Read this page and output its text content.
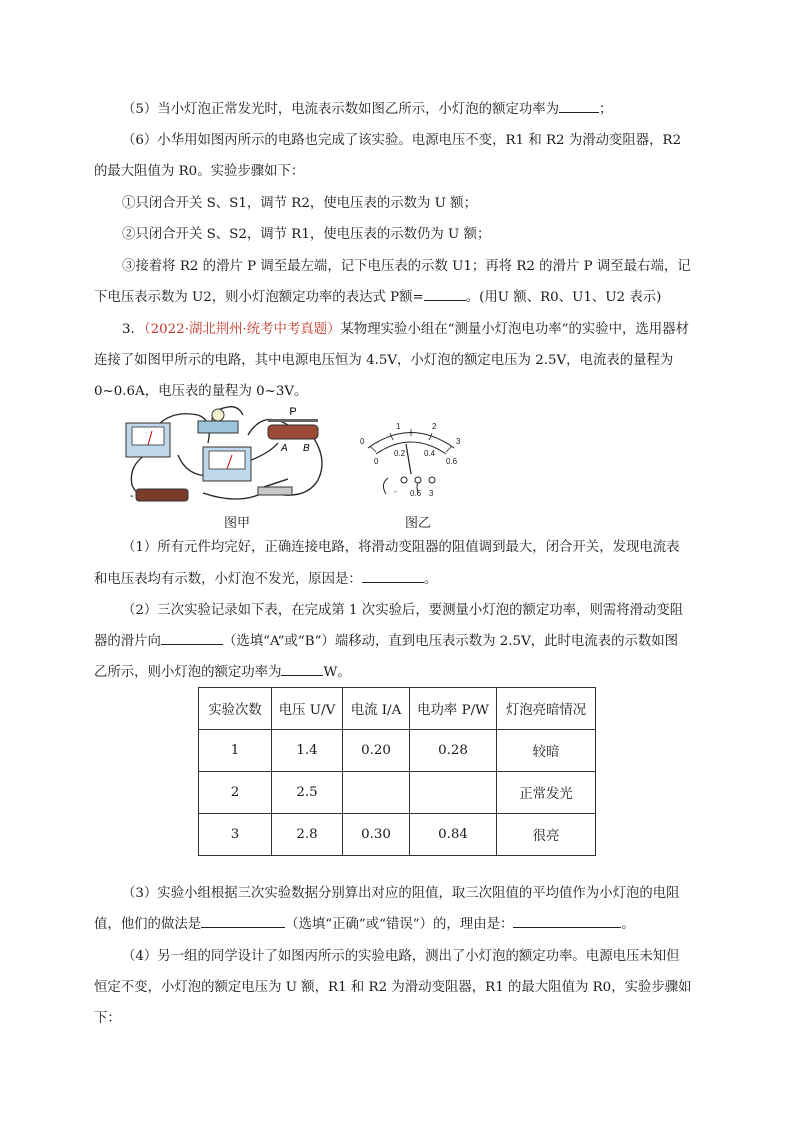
（5）当小灯泡正常发光时，电流表示数如图乙所示，小灯泡的额定功率为	；
（6）小华用如图丙所示的电路也完成了该实验。电源电压不变，R1 和 R2 为滑动变阻器，R2
的最大阻值为 R0。实验步骤如下：
①只闭合开关 S、S1，调节 R2，使电压表的示数为 U 额；
②只闭合开关 S、S2，调节 R1，使电压表的示数仍为 U 额；
③接着将 R2 的滑片 P 调至最左端，记下电压表的示数 U1；再将 R2 的滑片 P 调至最右端，记
下电压表示数为 U2，则小灯泡额定功率的表达式 P额=	。(用U 额、R0、U1、U2 表示)
3．（2022·湖北荆州·统考中考真题）某物理实验小组在“测量小灯泡电功率”的实验中，选用器材
连接了如图甲所示的电路，其中电源电压恒为 4.5V，小灯泡的额定电压为 2.5V，电流表的量程为
0~0.6A，电压表的量程为 0~3V。
P
A B
-
图甲
0
1	2
3
0
0.2 0.4
0.6
- 0.6 3
图乙
（1）所有元件均完好，正确连接电路，将滑动变阻器的阻值调到最大，闭合开关，发现电流表
和电压表均有示数，小灯泡不发光，原因是：	。
（2）三次实验记录如下表，在完成第 1 次实验后，要测量小灯泡的额定功率，则需将滑动变阻
器的滑片向	（选填“A”或“B”）端移动，直到电压表示数为 2.5V，此时电流表的示数如图
乙所示，则小灯泡的额定功率为	W。
实验次数	电压 U/V	电流 I/A	电功率 P/W	灯泡亮暗情况
1	1.4	0.20	0.28	较暗
2	2.5			正常发光
3	2.8	0.30	0.84	很亮
（3）实验小组根据三次实验数据分别算出对应的阻值，取三次阻值的平均值作为小灯泡的电阻
值，他们的做法是	（选填“正确”或“错误”）的，理由是：	。
（4）另一组的同学设计了如图丙所示的实验电路，测出了小灯泡的额定功率。电源电压未知但
恒定不变，小灯泡的额定电压为 U 额，R1 和 R2 为滑动变阻器，R1 的最大阻值为 R0，实验步骤如
下：
